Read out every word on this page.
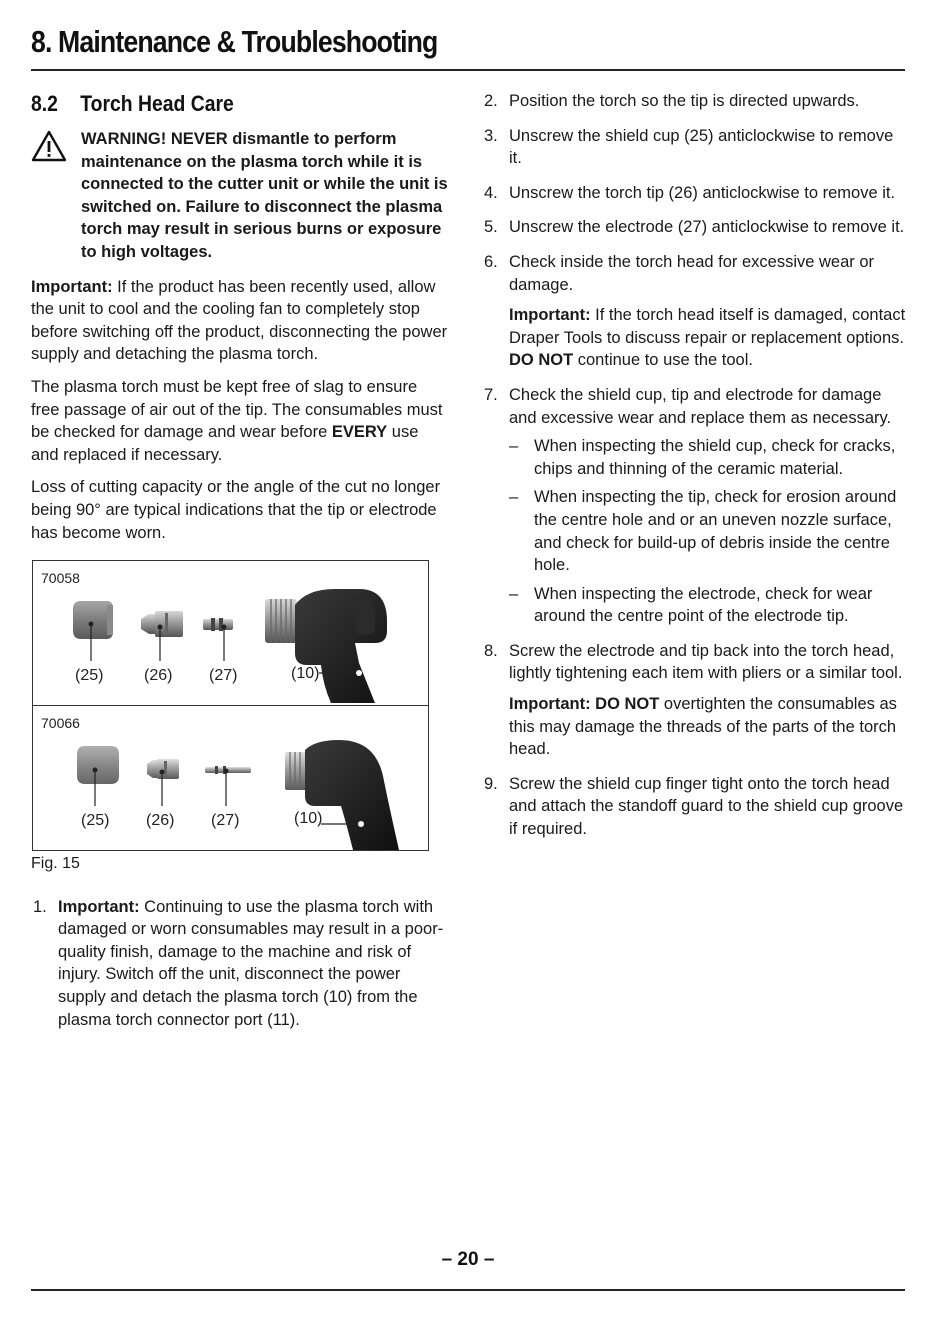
8. Maintenance & Troubleshooting
8.2 Torch Head Care
WARNING! NEVER dismantle to perform maintenance on the plasma torch while it is connected to the cutter unit or while the unit is switched on. Failure to disconnect the plasma torch may result in serious burns or exposure to high voltages.

Important: If the product has been recently used, allow the unit to cool and the cooling fan to completely stop before switching off the product, disconnecting the power supply and detaching the plasma torch.

The plasma torch must be kept free of slag to ensure free passage of air out of the tip. The consumables must be checked for damage and wear before EVERY use and replaced if necessary.

Loss of cutting capacity or the angle of the cut no longer being 90° are typical indications that the tip or electrode has become worn.

70058
(25)	(26) (27)	(10)
70066
(25) (26) (27)	(10)
Fig. 15
1. Important: Continuing to use the plasma torch with damaged or worn consumables may result in a poor-quality finish, damage to the machine and risk of injury. Switch off the unit, disconnect the power supply and detach the plasma torch (10) from the plasma torch connector port (11).
2. Position the torch so the tip is directed upwards.
3. Unscrew the shield cup (25) anticlockwise to remove it.
4. Unscrew the torch tip (26) anticlockwise to remove it.
5. Unscrew the electrode (27) anticlockwise to remove it.
6. Check inside the torch head for excessive wear or damage.

Important: If the torch head itself is damaged, contact Draper Tools to discuss repair or replacement options. DO NOT continue to use the tool.

7. Check the shield cup, tip and electrode for damage and excessive wear and replace them as necessary.
– When inspecting the shield cup, check for cracks, chips and thinning of the ceramic material.
– When inspecting the tip, check for erosion around the centre hole and or an uneven nozzle surface, and check for build-up of debris inside the centre hole.
– When inspecting the electrode, check for wear around the centre point of the electrode tip.
8. Screw the electrode and tip back into the torch head, lightly tightening each item with pliers or a similar tool.

Important: DO NOT overtighten the consumables as this may damage the threads of the parts of the torch head.

9. Screw the shield cup finger tight onto the torch head and attach the standoff guard to the shield cup groove if required.
– 20 –
